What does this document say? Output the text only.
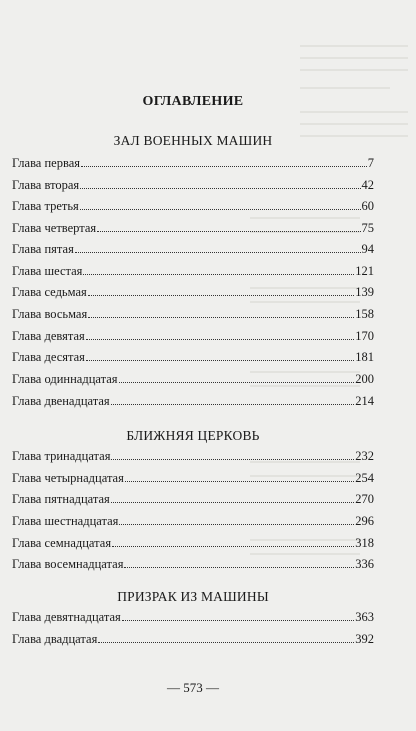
ОГЛАВЛЕНИЕ
ЗАЛ ВОЕННЫХ МАШИН
Глава первая	7
Глава вторая	42
Глава третья	60
Глава четвертая	75
Глава пятая	94
Глава шестая	121
Глава седьмая	139
Глава восьмая	158
Глава девятая	170
Глава десятая	181
Глава одиннадцатая	200
Глава двенадцатая	214
БЛИЖНЯЯ ЦЕРКОВЬ
Глава тринадцатая	232
Глава четырнадцатая	254
Глава пятнадцатая	270
Глава шестнадцатая	296
Глава семнадцатая	318
Глава восемнадцатая	336
ПРИЗРАК ИЗ МАШИНЫ
Глава девятнадцатая	363
Глава двадцатая	392
— 573 —
